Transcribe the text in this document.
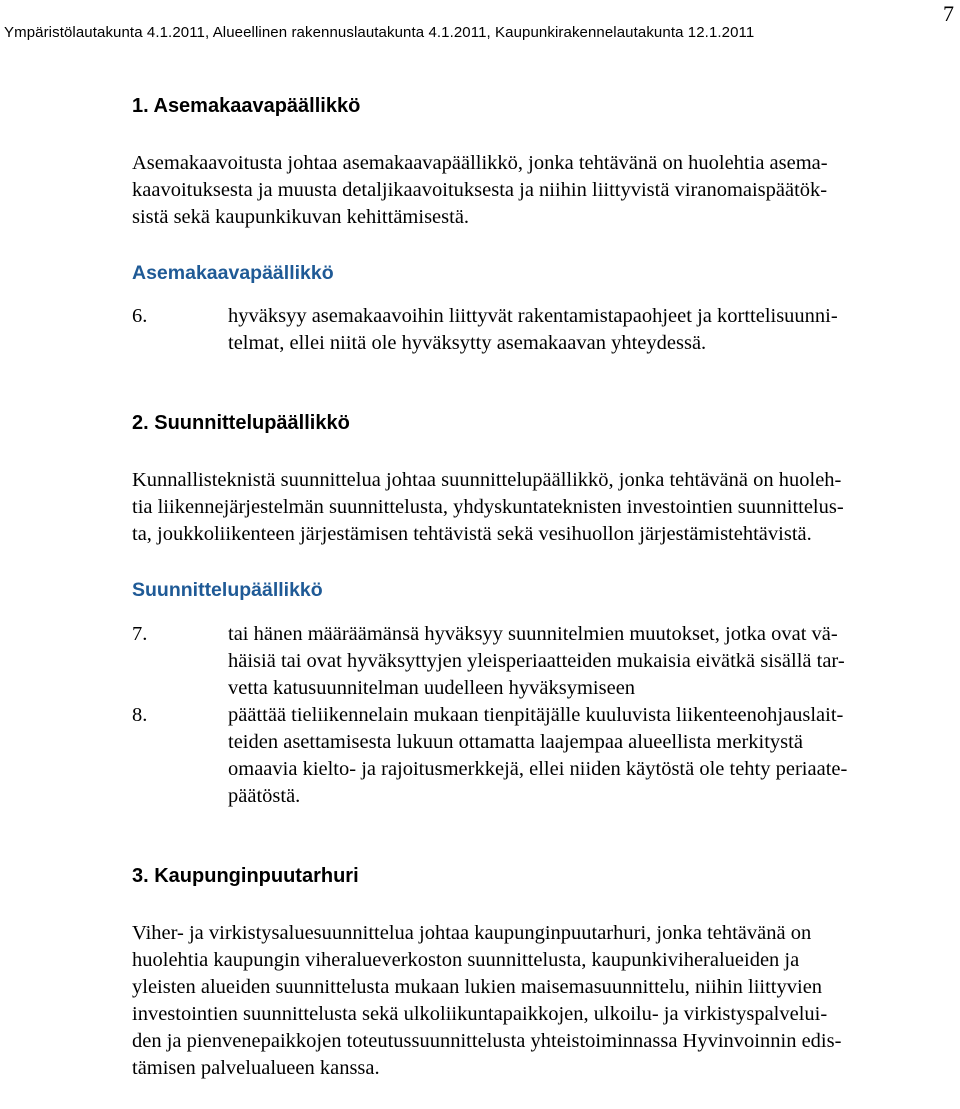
Ympäristölautakunta 4.1.2011, Alueellinen rakennuslautakunta 4.1.2011, Kaupunkirakennelautakunta 12.1.2011
7

1. Asemakaavapäällikkö

Asemakaavoitusta johtaa asemakaavapäällikkö, jonka tehtävänä on huolehtia asema-
kaavoituksesta ja muusta detaljikaavoituksesta ja niihin liittyvistä viranomaispäätök-
sistä sekä kaupunkikuvan kehittämisestä.

Asemakaavapäällikkö

6.	hyväksyy asemakaavoihin liittyvät rakentamistapaohjeet ja korttelisuunni-
telmat, ellei niitä ole hyväksytty asemakaavan yhteydessä.

2. Suunnittelupäällikkö

Kunnallisteknistä suunnittelua johtaa suunnittelupäällikkö, jonka tehtävänä on huoleh-
tia liikennejärjestelmän suunnittelusta, yhdyskuntateknisten investointien suunnittelus-
ta, joukkoliikenteen järjestämisen tehtävistä sekä vesihuollon järjestämistehtävistä.

Suunnittelupäällikkö

7.	tai hänen määräämänsä hyväksyy suunnitelmien muutokset, jotka ovat vä-
häisiä tai ovat hyväksyttyjen yleisperiaatteiden mukaisia eivätkä sisällä tar-
vetta katusuunnitelman uudelleen hyväksymiseen
8.	päättää tieliikennelain mukaan tienpitäjälle kuuluvista liikenteenohjauslait-
teiden asettamisesta lukuun ottamatta laajempaa alueellista merkitystä
omaavia kielto- ja rajoitusmerkkejä, ellei niiden käytöstä ole tehty periaate-
päätöstä.

3. Kaupunginpuutarhuri

Viher- ja virkistysaluesuunnittelua johtaa kaupunginpuutarhuri, jonka tehtävänä on
huolehtia kaupungin viheralueverkoston suunnittelusta, kaupunkiviheralueiden ja
yleisten alueiden suunnittelusta mukaan lukien maisemasuunnittelu, niihin liittyvien
investointien suunnittelusta sekä ulkoliikuntapaikkojen, ulkoilu- ja virkistyspalvelui-
den ja pienvenepaikkojen toteutussuunnittelusta yhteistoiminnassa Hyvinvoinnin edis-
tämisen palvelualueen kanssa.
